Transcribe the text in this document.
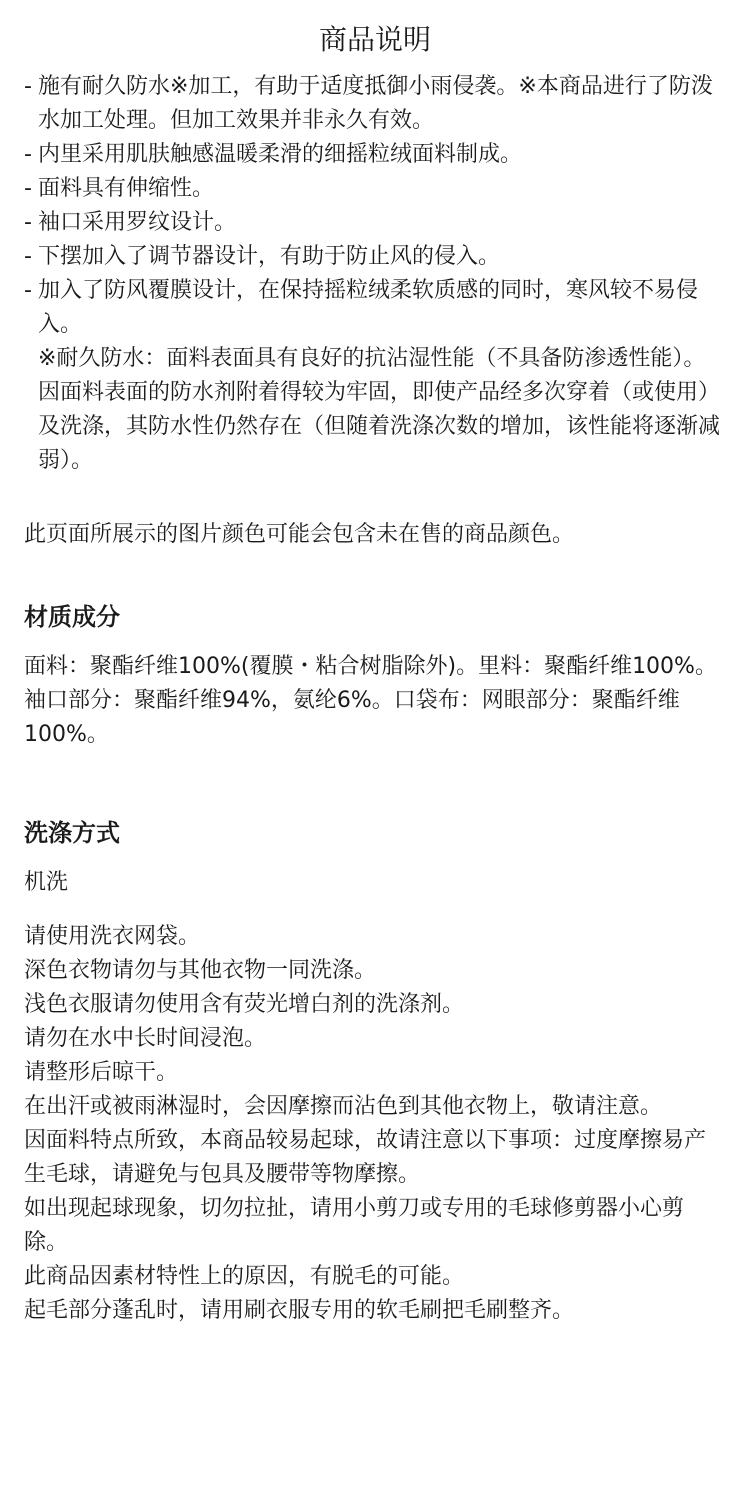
商品说明
- 施有耐久防水※加工，有助于适度抵御小雨侵袭。※本商品进行了防泼水加工处理。但加工效果并非永久有效。
- 内里采用肌肤触感温暖柔滑的细摇粒绒面料制成。
- 面料具有伸缩性。
- 袖口采用罗纹设计。
- 下摆加入了调节器设计，有助于防止风的侵入。
- 加入了防风覆膜设计，在保持摇粒绒柔软质感的同时，寒风较不易侵入。

※耐久防水：面料表面具有良好的抗沾湿性能（不具备防渗透性能）。因面料表面的防水剂附着得较为牢固，即使产品经多次穿着（或使用）及洗涤，其防水性仍然存在（但随着洗涤次数的增加，该性能将逐渐减弱）。

此页面所展示的图片颜色可能会包含未在售的商品颜色。

材质成分

面料：聚酯纤维100%(覆膜・粘合树脂除外)。里料：聚酯纤维100%。袖口部分：聚酯纤维94%，氨纶6%。口袋布：网眼部分：聚酯纤维100%。

洗涤方式

机洗

请使用洗衣网袋。
深色衣物请勿与其他衣物一同洗涤。
浅色衣服请勿使用含有荧光增白剂的洗涤剂。
请勿在水中长时间浸泡。
请整形后晾干。
在出汗或被雨淋湿时，会因摩擦而沾色到其他衣物上，敬请注意。
因面料特点所致，本商品较易起球，故请注意以下事项：过度摩擦易产生毛球，请避免与包具及腰带等物摩擦。
如出现起球现象，切勿拉扯，请用小剪刀或专用的毛球修剪器小心剪除。
此商品因素材特性上的原因，有脱毛的可能。
起毛部分蓬乱时，请用刷衣服专用的软毛刷把毛刷整齐。
